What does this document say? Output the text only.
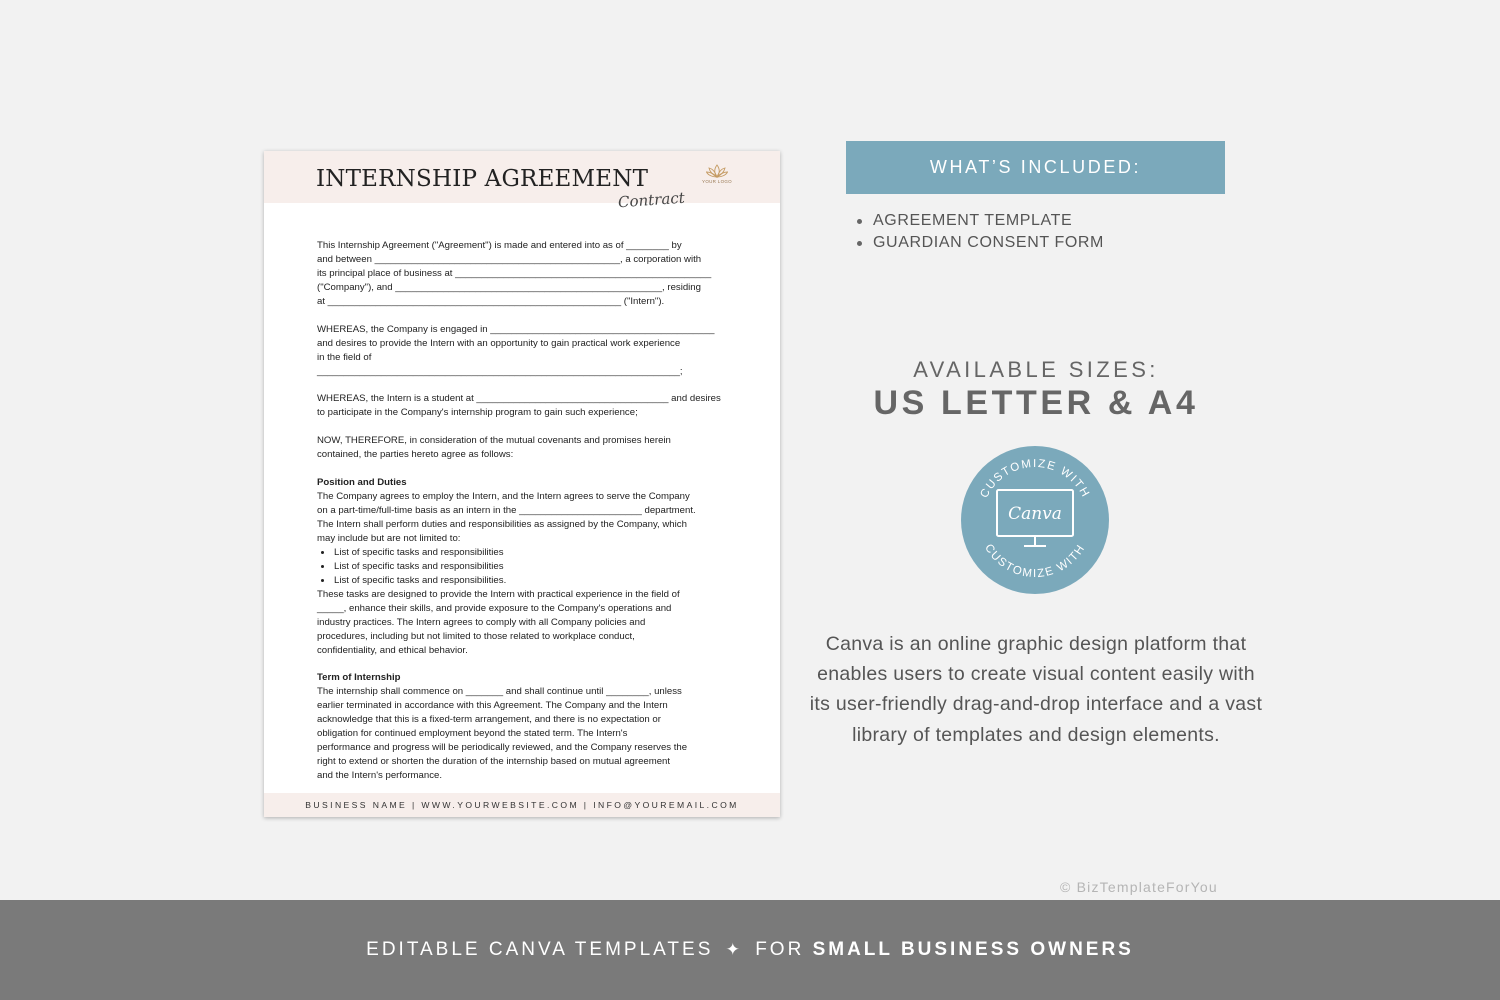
INTERNSHIP AGREEMENT
Contract
YOUR LOGO

This Internship Agreement ("Agreement") is made and entered into as of ________ by
and between ______________________________________________, a corporation with
its principal place of business at ________________________________________________
("Company"), and __________________________________________________, residing
at _______________________________________________________ ("Intern").

WHEREAS, the Company is engaged in __________________________________________
and desires to provide the Intern with an opportunity to gain practical work experience
in the field of ____________________________________________________________________;

WHEREAS, the Intern is a student at ____________________________________ and desires
to participate in the Company's internship program to gain such experience;

NOW, THEREFORE, in consideration of the mutual covenants and promises herein
contained, the parties hereto agree as follows:

Position and Duties
The Company agrees to employ the Intern, and the Intern agrees to serve the Company
on a part-time/full-time basis as an intern in the _______________________ department.
The Intern shall perform duties and responsibilities as assigned by the Company, which
may include but are not limited to:
• List of specific tasks and responsibilities
• List of specific tasks and responsibilities
• List of specific tasks and responsibilities.

These tasks are designed to provide the Intern with practical experience in the field of
_____, enhance their skills, and provide exposure to the Company's operations and
industry practices. The Intern agrees to comply with all Company policies and
procedures, including but not limited to those related to workplace conduct,
confidentiality, and ethical behavior.

Term of Internship

The internship shall commence on _______ and shall continue until ________, unless
earlier terminated in accordance with this Agreement. The Company and the Intern
acknowledge that this is a fixed-term arrangement, and there is no expectation or
obligation for continued employment beyond the stated term. The Intern's
performance and progress will be periodically reviewed, and the Company reserves the
right to extend or shorten the duration of the internship based on mutual agreement
and the Intern's performance.

BUSINESS NAME | WWW.YOURWEBSITE.COM | INFO@YOUREMAIL.COM
WHAT’S INCLUDED:
AGREEMENT TEMPLATE
GUARDIAN CONSENT FORM
AVAILABLE SIZES:
US LETTER & A4
CUSTOMIZE WITH
CUSTOMIZE WITH
Canva
Canva is an online graphic design platform that enables users to create visual content easily with its user-friendly drag-and-drop interface and a vast library of templates and design elements.
© BizTemplateForYou
EDITABLE CANVA TEMPLATES ✦ FOR SMALL BUSINESS OWNERS
